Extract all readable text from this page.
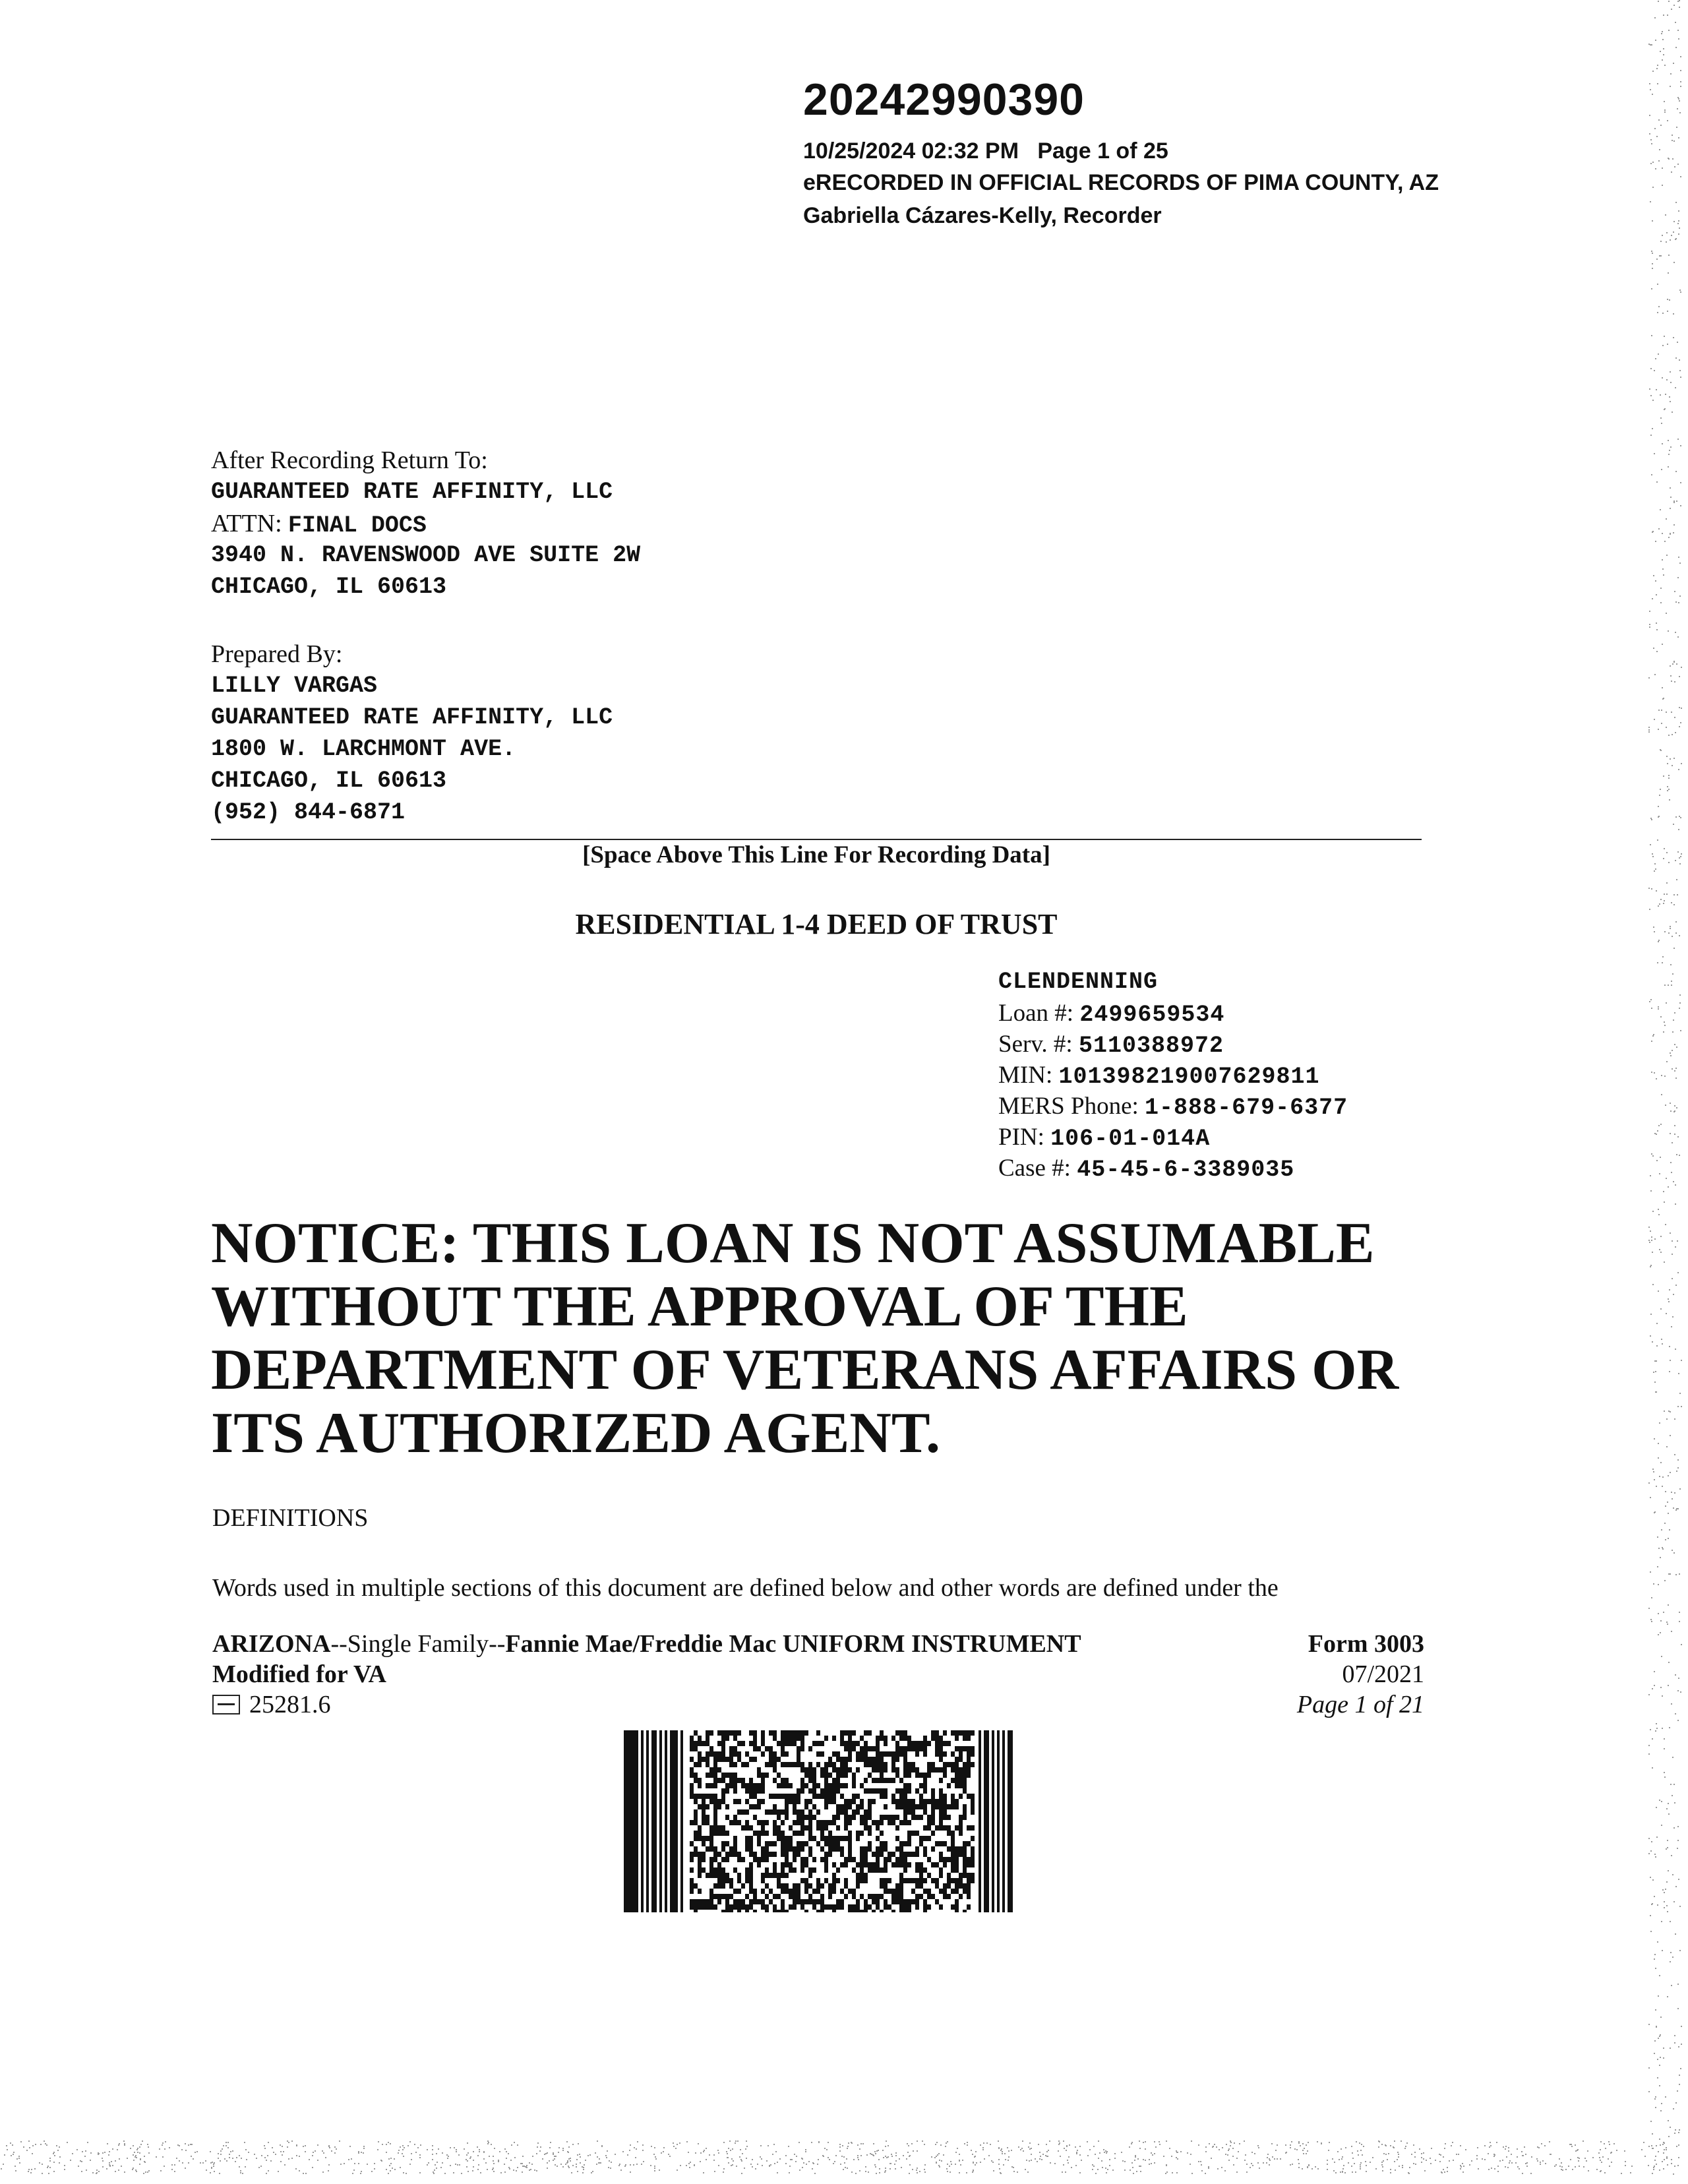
20242990390
10/25/2024 02:32 PM   Page 1 of 25
eRECORDED IN OFFICIAL RECORDS OF PIMA COUNTY, AZ
Gabriella Cázares-Kelly, Recorder
After Recording Return To:
GUARANTEED RATE AFFINITY, LLC
ATTN: FINAL DOCS
3940 N. RAVENSWOOD AVE SUITE 2W
CHICAGO, IL 60613
Prepared By:
LILLY VARGAS
GUARANTEED RATE AFFINITY, LLC
1800 W. LARCHMONT AVE.
CHICAGO, IL 60613
(952) 844-6871
[Space Above This Line For Recording Data]
RESIDENTIAL 1-4 DEED OF TRUST
CLENDENNING
Loan #: 2499659534
Serv. #: 5110388972
MIN: 101398219007629811
MERS Phone: 1-888-679-6377
PIN: 106-01-014A
Case #: 45-45-6-3389035
NOTICE: THIS LOAN IS NOT ASSUMABLE
WITHOUT THE APPROVAL OF THE
DEPARTMENT OF VETERANS AFFAIRS OR
ITS AUTHORIZED AGENT.
DEFINITIONS
Words used in multiple sections of this document are defined below and other words are defined under the
ARIZONA--Single Family--Fannie Mae/Freddie Mac UNIFORM INSTRUMENT
Modified for VA
25281.6
Form 3003
07/2021
Page 1 of 21
